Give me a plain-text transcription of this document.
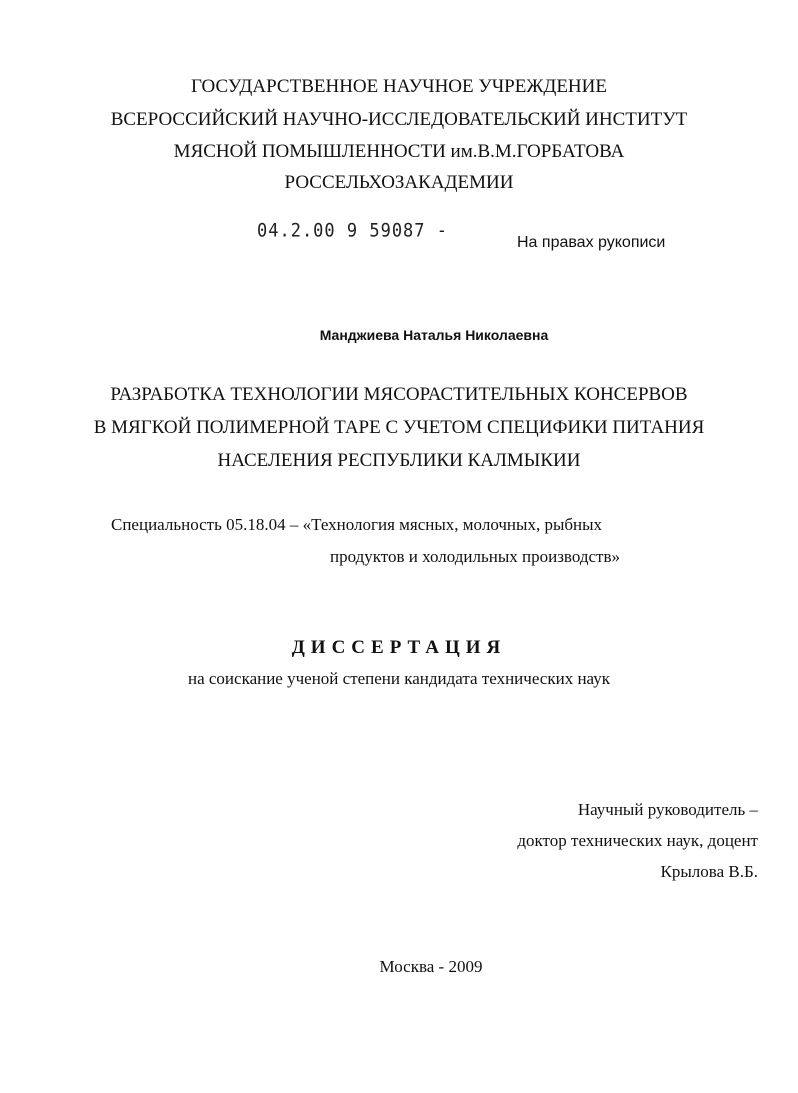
ГОСУДАРСТВЕННОЕ НАУЧНОЕ УЧРЕЖДЕНИЕ
ВСЕРОССИЙСКИЙ НАУЧНО-ИССЛЕДОВАТЕЛЬСКИЙ ИНСТИТУТ
МЯСНОЙ ПОМЫШЛЕННОСТИ им.В.М.ГОРБАТОВА
РОССЕЛЬХОЗАКАДЕМИИ
04.2.00 9 59087 -
На правах рукописи
Манджиева Наталья Николаевна
РАЗРАБОТКА ТЕХНОЛОГИИ МЯСОРАСТИТЕЛЬНЫХ КОНСЕРВОВ
В МЯГКОЙ ПОЛИМЕРНОЙ ТАРЕ С УЧЕТОМ СПЕЦИФИКИ ПИТАНИЯ
НАСЕЛЕНИЯ РЕСПУБЛИКИ КАЛМЫКИИ
Специальность 05.18.04 – «Технология мясных, молочных, рыбных
продуктов и холодильных производств»
ДИССЕРТАЦИЯ
на соискание ученой степени кандидата технических наук
Научный руководитель –
доктор технических наук, доцент
Крылова В.Б.
Москва - 2009
